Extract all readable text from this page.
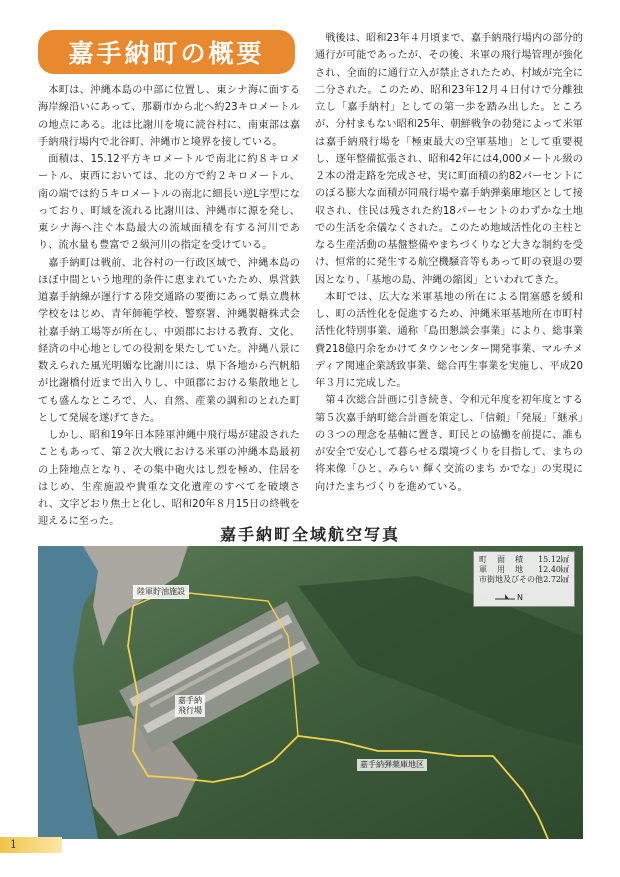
嘉手納町の概要

本町は、沖縄本島の中部に位置し、東シナ海に面する海岸線沿いにあって、那覇市から北へ約23キロメートルの地点にある。北は比謝川を境に読谷村に、南東部は嘉手納飛行場内で北谷町、沖縄市と境界を接している。

面積は、15.12平方キロメートルで南北に約８キロメートル、東西においては、北の方で約２キロメートル、南の端では約５キロメートルの南北に細長い逆L字型になっており、町域を流れる比謝川は、沖縄市に源を発し、東シナ海へ注ぐ本島最大の流域面積を有する河川であり、流水量も豊富で２級河川の指定を受けている。

嘉手納町は戦前、北谷村の一行政区域で、沖縄本島のほぼ中間という地理的条件に恵まれていたため、県営鉄道嘉手納線が運行する陸交通路の要衝にあって県立農林学校をはじめ、青年師範学校、警察署、沖縄製糖株式会社嘉手納工場等が所在し、中頭郡における教育、文化、経済の中心地としての役割を果たしていた。沖縄八景に数えられた風光明媚な比謝川には、県下各地から汽帆船が比謝橋付近まで出入りし、中頭郡における集散地としても盛んなところで、人、自然、産業の調和のとれた町として発展を遂げてきた。

しかし、昭和19年日本陸軍沖縄中飛行場が建設されたこともあって、第２次大戦における米軍の沖縄本島最初の上陸地点となり、その集中砲火はし烈を極め、住居をはじめ、生産施設や貴重な文化遺産のすべてを破壊され、文字どおり焦土と化し、昭和20年８月15日の終戦を迎えるに至った。

戦後は、昭和23年４月頃まで、嘉手納飛行場内の部分的通行が可能であったが、その後、米軍の飛行場管理が強化され、全面的に通行立入が禁止されたため、村域が完全に二分された。このため、昭和23年12月４日付けで分離独立し「嘉手納村」としての第一歩を踏み出した。ところが、分村まもない昭和25年、朝鮮戦争の勃発によって米軍は嘉手納飛行場を「極東最大の空軍基地」として重要視し、逐年整備拡張され、昭和42年には4,000メートル級の２本の滑走路を完成させ、実に町面積の約82パーセントにのぼる膨大な面積が同飛行場や嘉手納弾薬庫地区として接収され、住民は残された約18パーセントのわずかな土地での生活を余儀なくされた。このため地域活性化の主柱となる生産活動の基盤整備やまちづくりなど大きな制約を受け、恒常的に発生する航空機騒音等もあって町の衰退の要因となり、「基地の島、沖縄の縮図」といわれてきた。

本町では、広大な米軍基地の所在による閉塞感を緩和し、町の活性化を促進するため、沖縄米軍基地所在市町村活性化特別事業、通称「島田懇談会事業」により、総事業費218億円余をかけてタウンセンター開発事業、マルチメディア関連企業誘致事業、総合再生事業を実施し、平成20年３月に完成した。

第４次総合計画に引き続き、令和元年度を初年度とする第５次嘉手納町総合計画を策定し、「信頼」「発展」「継承」の３つの理念を基軸に置き、町民との協働を前提に、誰もが安全で安心して暮らせる環境づくりを目指して、まちの将来像「ひと、みらい 輝く交流のまち かでな」の実現に向けたまちづくりを進めている。

嘉手納町全域航空写真
町　面　積 15.12㎢
軍　用　地 12.40㎢
市街地及びその他 2.72㎢
N
陸軍貯油施設
嘉手納
飛行場
嘉手納弾薬庫地区
1
